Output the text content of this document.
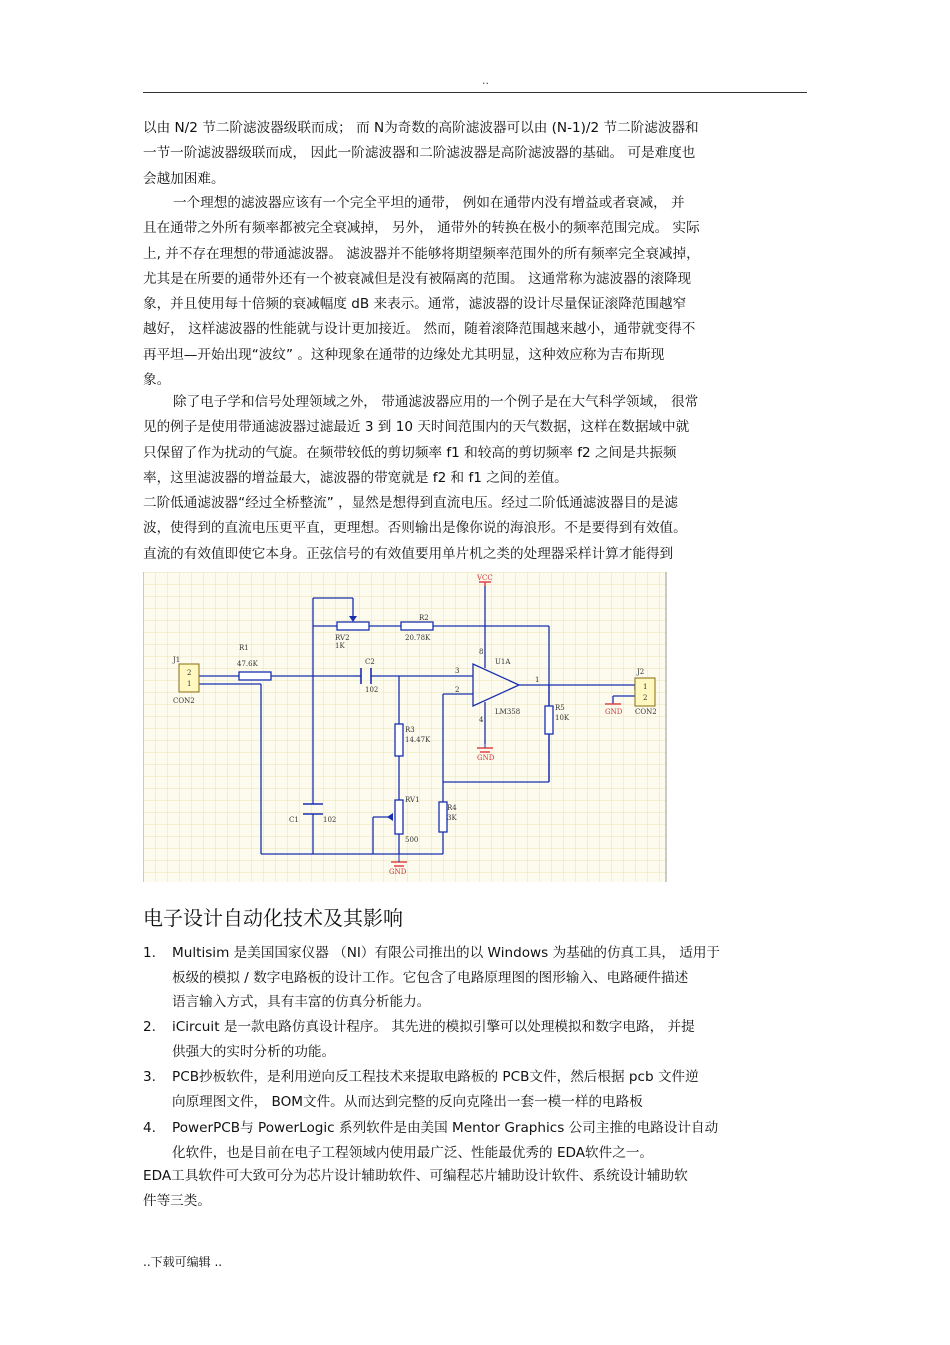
..
以由 N/2 节二阶滤波器级联而成； 而 N为奇数的高阶滤波器可以由 (N-1)/2 节二阶滤波器和
一节一阶滤波器级联而成， 因此一阶滤波器和二阶滤波器是高阶滤波器的基础。 可是难度也
会越加困难。
一个理想的滤波器应该有一个完全平坦的通带， 例如在通带内没有增益或者衰减， 并
且在通带之外所有频率都被完全衰减掉， 另外， 通带外的转换在极小的频率范围完成。 实际
上, 并不存在理想的带通滤波器。 滤波器并不能够将期望频率范围外的所有频率完全衰减掉，
尤其是在所要的通带外还有一个被衰减但是没有被隔离的范围。 这通常称为滤波器的滚降现
象，并且使用每十倍频的衰减幅度 dB 来表示。通常，滤波器的设计尽量保证滚降范围越窄
越好， 这样滤波器的性能就与设计更加接近。 然而，随着滚降范围越来越小，通带就变得不
再平坦—开始出现“波纹” 。这种现象在通带的边缘处尤其明显，这种效应称为吉布斯现
象。
除了电子学和信号处理领域之外， 带通滤波器应用的一个例子是在大气科学领域， 很常
见的例子是使用带通滤波器过滤最近 3 到 10 天时间范围内的天气数据，这样在数据域中就
只保留了作为扰动的气旋。在频带较低的剪切频率 f1 和较高的剪切频率 f2 之间是共振频
率，这里滤波器的增益最大，滤波器的带宽就是 f2 和 f1 之间的差值。
二阶低通滤波器“经过全桥整流” ，显然是想得到直流电压。经过二阶低通滤波器目的是滤
波，使得到的直流电压更平直，更理想。否则输出是像你说的海浪形。不是要得到有效值。
直流的有效值即使它本身。正弦信号的有效值要用单片机之类的处理器采样计算才能得到
VCC
J1
2
1
CON2
R1
47.6K
RV2
1K
R2
20.78K
C2
102
U1A
LM358
3
2
1
8
4
R3
14.47K
R5
10K
C1	102
RV1
500
R4
3K
GND
GND
GND
J2
1
2
CON2
电子设计自动化技术及其影响
1.	Multisim 是美国国家仪器 （NI）有限公司推出的以 Windows 为基础的仿真工具， 适用于
板级的模拟 / 数字电路板的设计工作。它包含了电路原理图的图形输入、电路硬件描述
语言输入方式，具有丰富的仿真分析能力。
2.	iCircuit 是一款电路仿真设计程序。 其先进的模拟引擎可以处理模拟和数字电路， 并提
供强大的实时分析的功能。
3.	PCB抄板软件，是利用逆向反工程技术来提取电路板的 PCB文件，然后根据 pcb 文件逆
向原理图文件， BOM文件。从而达到完整的反向克隆出一套一模一样的电路板
4.	PowerPCB与 PowerLogic 系列软件是由美国 Mentor Graphics 公司主推的电路设计自动
化软件，也是目前在电子工程领域内使用最广泛、性能最优秀的 EDA软件之一。
EDA工具软件可大致可分为芯片设计辅助软件、可编程芯片辅助设计软件、系统设计辅助软
件等三类。
..下载可编辑 ..
